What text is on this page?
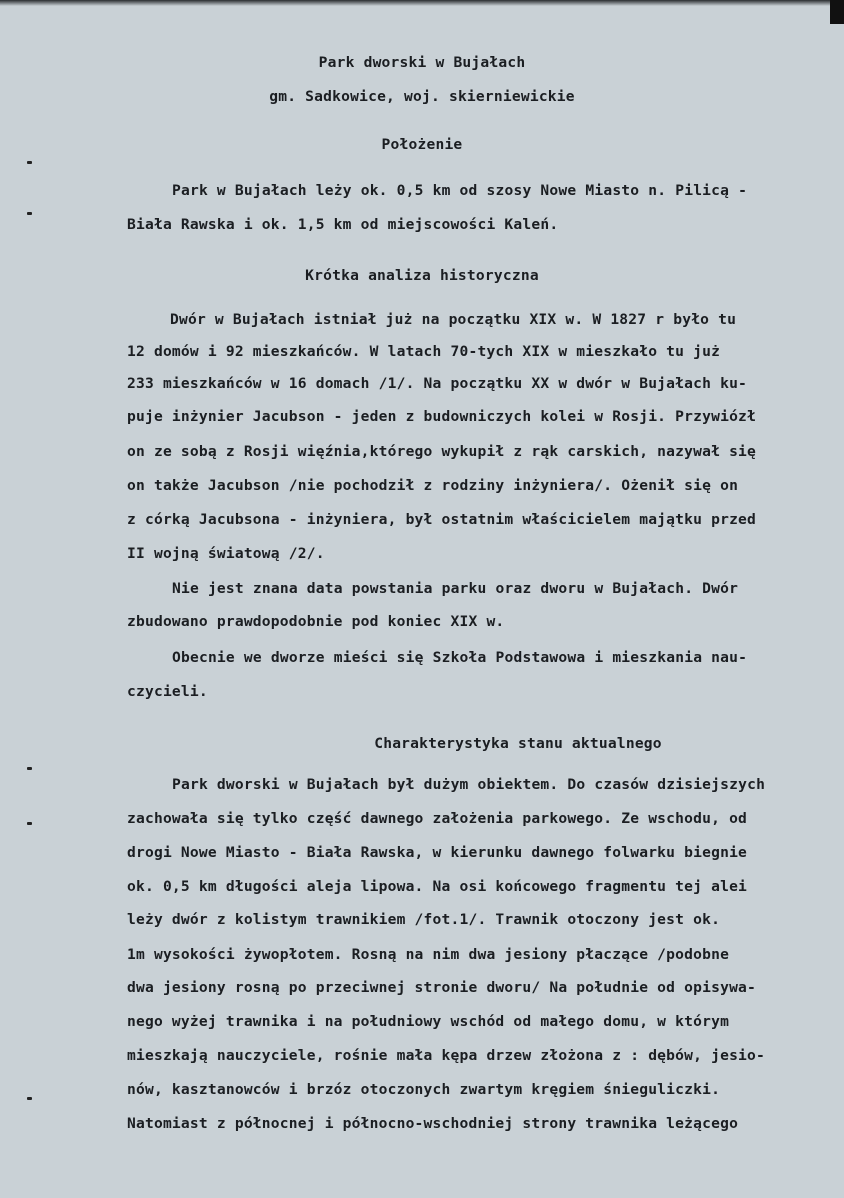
Park dworski w Bujałach

gm. Sadkowice, woj. skierniewickie

Położenie

Park w Bujałach leży ok. 0,5 km od szosy Nowe Miasto n. Pilicą -

Biała Rawska i ok. 1,5 km od miejscowości Kaleń.

Krótka analiza historyczna

Dwór w Bujałach istniał już na początku XIX w. W 1827 r było tu

12 domów i 92 mieszkańców. W latach 70-tych XIX w mieszkało tu już

233 mieszkańców w 16 domach /1/. Na początku XX w dwór w Bujałach ku-

puje inżynier Jacubson - jeden z budowniczych kolei w Rosji. Przywiózł

on ze sobą z Rosji więźnia,którego wykupił z rąk carskich, nazywał się

on także Jacubson /nie pochodził z rodziny inżyniera/. Ożenił się on

z córką Jacubsona - inżyniera, był ostatnim właścicielem majątku przed

II wojną światową /2/.

Nie jest znana data powstania parku oraz dworu w Bujałach. Dwór

zbudowano prawdopodobnie pod koniec XIX w.

Obecnie we dworze mieści się Szkoła Podstawowa i mieszkania nau-

czycieli.

Charakterystyka stanu aktualnego

Park dworski w Bujałach był dużym obiektem. Do czasów dzisiejszych

zachowała się tylko część dawnego założenia parkowego. Ze wschodu, od

drogi Nowe Miasto - Biała Rawska, w kierunku dawnego folwarku biegnie

ok. 0,5 km długości aleja lipowa. Na osi końcowego fragmentu tej alei

leży dwór z kolistym trawnikiem /fot.1/. Trawnik otoczony jest ok.

1m wysokości żywopłotem. Rosną na nim dwa jesiony płaczące /podobne

dwa jesiony rosną po przeciwnej stronie dworu/ Na południe od opisywa-

nego wyżej trawnika i na południowy wschód od małego domu, w którym

mieszkają nauczyciele, rośnie mała kępa drzew złożona z : dębów, jesio-

nów, kasztanowców i brzóz otoczonych zwartym kręgiem śnieguliczki.

Natomiast z północnej i północno-wschodniej strony trawnika leżącego
